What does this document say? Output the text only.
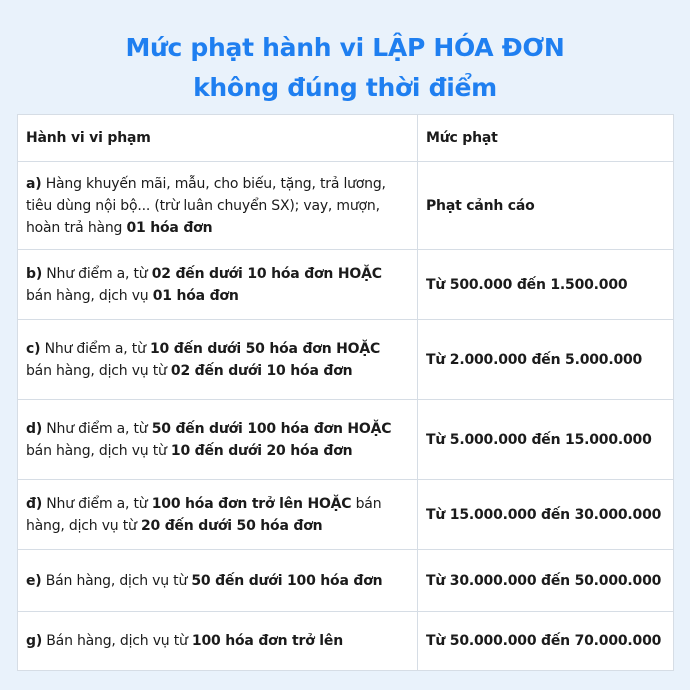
Mức phạt hành vi LẬP HÓA ĐƠN
không đúng thời điểm
Hành vi vi phạm	Mức phạt
a) Hàng khuyến mãi, mẫu, cho biếu, tặng, trả lương, tiêu dùng nội bộ... (trừ luân chuyển SX); vay, mượn, hoàn trả hàng 01 hóa đơn	Phạt cảnh cáo
b) Như điểm a, từ 02 đến dưới 10 hóa đơn HOẶC bán hàng, dịch vụ 01 hóa đơn	Từ 500.000 đến 1.500.000
c) Như điểm a, từ 10 đến dưới 50 hóa đơn HOẶC bán hàng, dịch vụ từ 02 đến dưới 10 hóa đơn	Từ 2.000.000 đến 5.000.000
d) Như điểm a, từ 50 đến dưới 100 hóa đơn HOẶC bán hàng, dịch vụ từ 10 đến dưới 20 hóa đơn	Từ 5.000.000 đến 15.000.000
đ) Như điểm a, từ 100 hóa đơn trở lên HOẶC bán hàng, dịch vụ từ 20 đến dưới 50 hóa đơn	Từ 15.000.000 đến 30.000.000
e) Bán hàng, dịch vụ từ 50 đến dưới 100 hóa đơn	Từ 30.000.000 đến 50.000.000
g) Bán hàng, dịch vụ từ 100 hóa đơn trở lên	Từ 50.000.000 đến 70.000.000
